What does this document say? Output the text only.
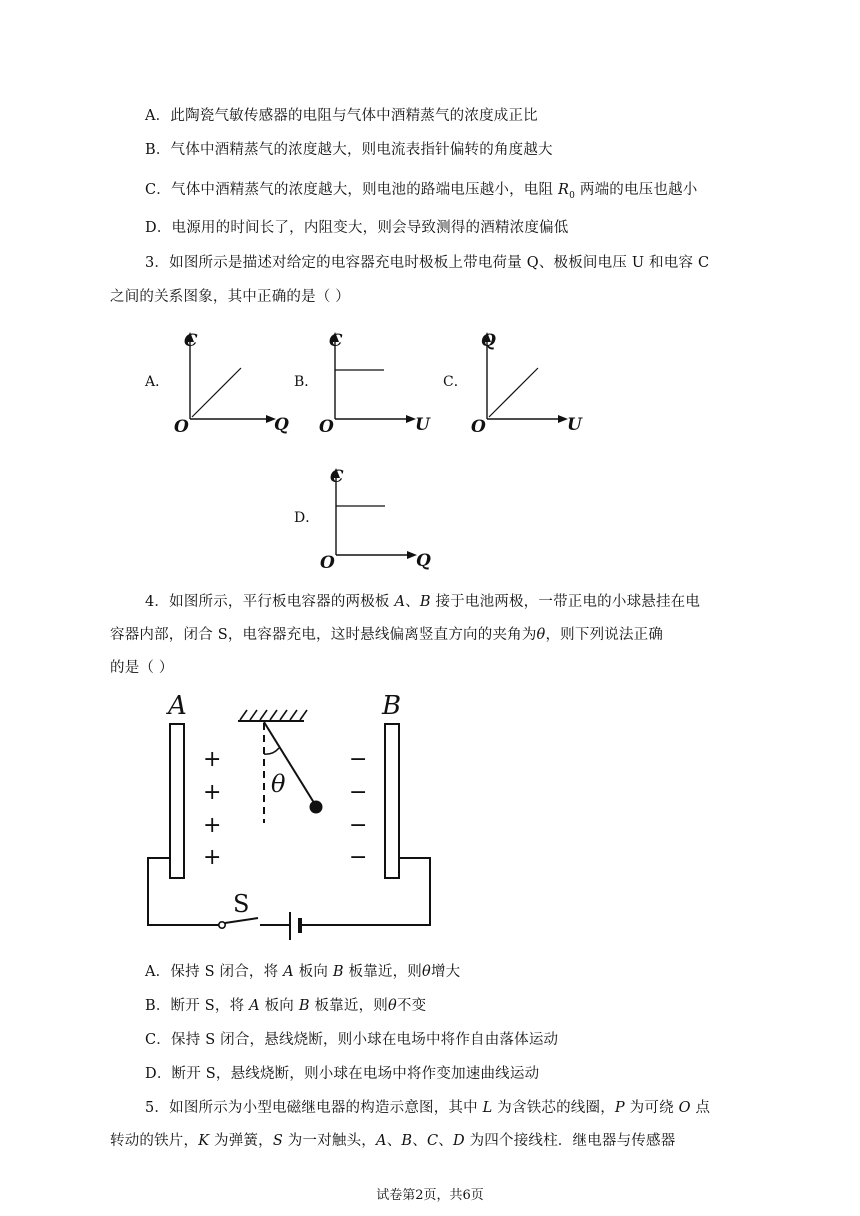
A．此陶瓷气敏传感器的电阻与气体中酒精蒸气的浓度成正比
B．气体中酒精蒸气的浓度越大，则电流表指针偏转的角度越大
C．气体中酒精蒸气的浓度越大，则电池的路端电压越小，电阻 $R_0$ 两端的电压也越小
D．电源用的时间长了，内阻变大，则会导致测得的酒精浓度偏低
3．如图所示是描述对给定的电容器充电时极板上带电荷量 Q、极板间电压 U 和电容 C
之间的关系图象，其中正确的是（ ）
A．
C
Q
O
B．
C
U
O
C．
Q
U
O
D．
C
Q
O
4．如图所示，平行板电容器的两极板 A、B 接于电池两极，一带正电的小球悬挂在电
容器内部，闭合 S，电容器充电，这时悬线偏离竖直方向的夹角为θ，则下列说法正确
的是（ ）
A	B
θ
+
+
+
+
−
−
−
−
S
A．保持 S 闭合，将 A 板向 B 板靠近，则θ增大
B．断开 S，将 A 板向 B 板靠近，则θ不变
C．保持 S 闭合，悬线烧断，则小球在电场中将作自由落体运动
D．断开 S，悬线烧断，则小球在电场中将作变加速曲线运动
5．如图所示为小型电磁继电器的构造示意图，其中 L 为含铁芯的线圈，P 为可绕 O 点
转动的铁片，K 为弹簧，S 为一对触头，A、B、C、D 为四个接线柱．继电器与传感器
试卷第2页，共6页
